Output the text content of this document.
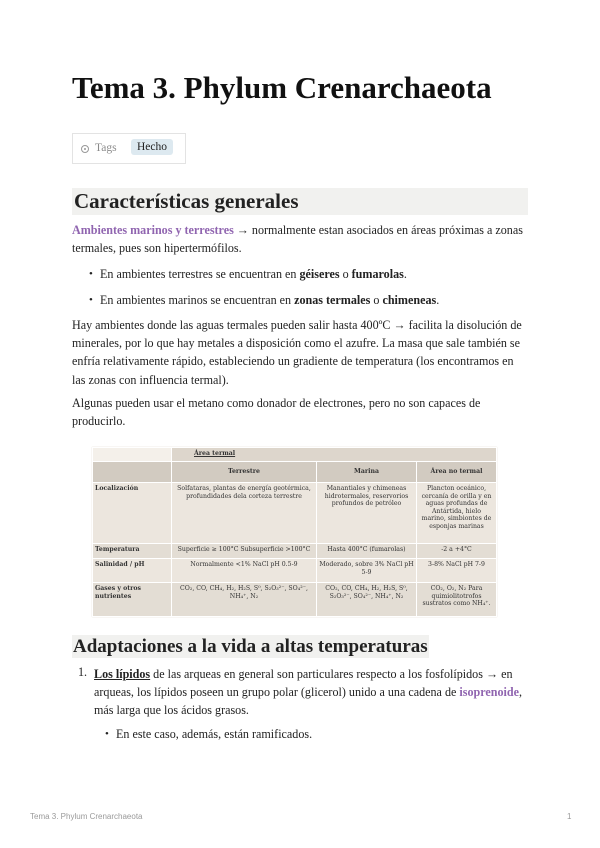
Tema 3. Phylum Crenarchaeota
Tags	Hecho
Características generales

Ambientes marinos y terrestres → normalmente estan asociados en áreas próximas a zonas termales, pues son hipertermófilos.

• En ambientes terrestres se encuentran en géiseres o fumarolas.
• En ambientes marinos se encuentran en zonas termales o chimeneas.

Hay ambientes donde las aguas termales pueden salir hasta 400ºC → facilita la disolución de minerales, por lo que hay metales a disposición como el azufre. La masa que sale también se enfría relativamente rápido, estableciendo un gradiente de temperatura (los encontramos en las zonas con influencia termal).

Algunas pueden usar el metano como donador de electrones, pero no son capaces de producirlo.

	Área termal		
	Terrestre	Marina	Área no termal
Localización	Solfataras, plantas de energía geotérmica, profundidades dela corteza terrestre	Manantiales y chimeneas hidrotermales, reservorios profundos de petróleo	Plancton oceánico, cercanía de orilla y en aguas profundas de Antártida, hielo marino, simbiontes de esponjas marinas
Temperatura	Superficie ≥ 100°C Subsuperficie >100°C	Hasta 400°C (fumarolas)	-2 a +4°C
Salinidad / pH	Normalmente <1% NaCl pH 0.5-9	Moderado, sobre 3% NaCl pH 5-9	3-8% NaCl pH 7-9
Gases y otros nutrientes	CO₂, CO, CH₄, H₂, H₂S, S⁰, S₂O₃²⁻, SO₄²⁻, NH₄⁺, N₂	CO₂, CO, CH₄, H₂, H₂S, S⁰, S₂O₃²⁻, SO₄²⁻, NH₄⁺, N₂	CO₂, O₂, N₂ Para quimiolitotrofos sustratos como NH₄⁺.
Adaptaciones a la vida a altas temperaturas
1. Los lípidos de las arqueas en general son particulares respecto a los fosfolípidos → en arqueas, los lípidos poseen un grupo polar (glicerol) unido a una cadena de isoprenoide, más larga que los ácidos grasos.

• En este caso, además, están ramificados.
Tema 3. Phylum Crenarchaeota	1
